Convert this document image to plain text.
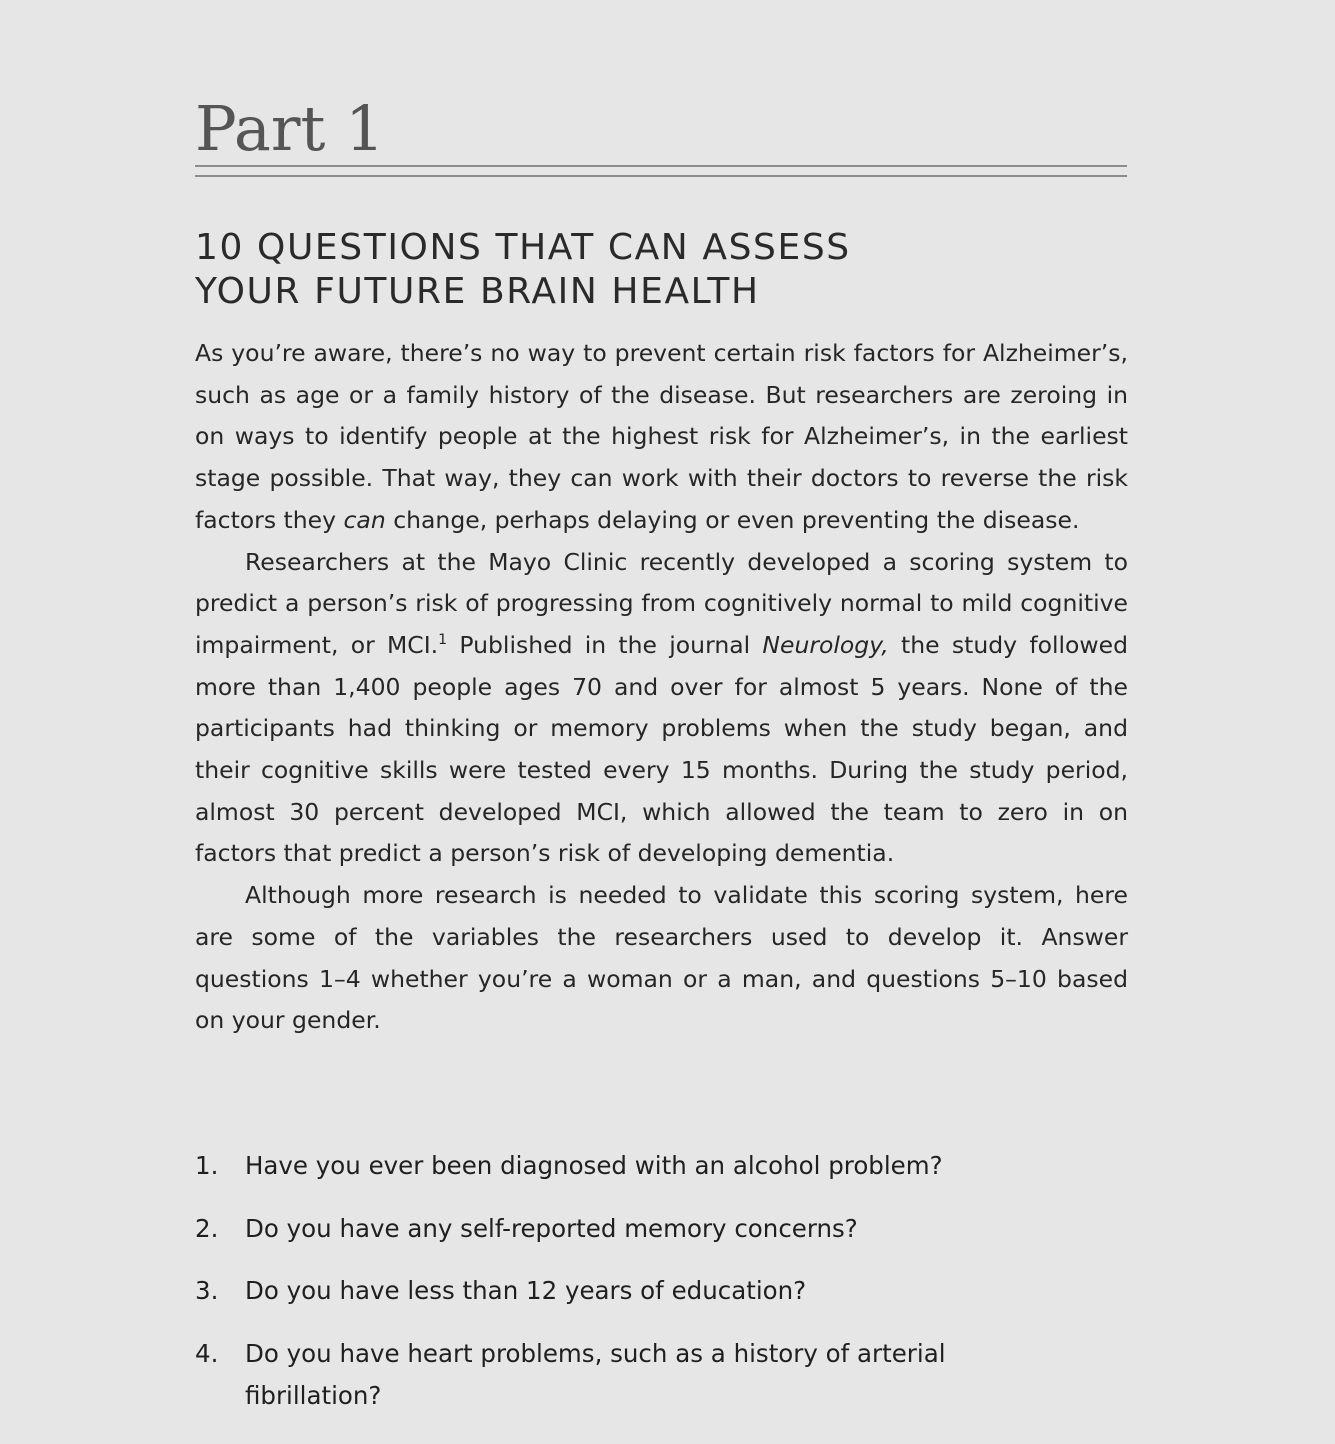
Part 1
10 QUESTIONS THAT CAN ASSESS
YOUR FUTURE BRAIN HEALTH

As you’re aware, there’s no way to prevent certain risk factors for Alzheimer’s, such as age or a family history of the disease. But researchers are zeroing in on ways to identify people at the highest risk for Alzheimer’s, in the earliest stage possible. That way, they can work with their doctors to reverse the risk factors they can change, perhaps delaying or even preventing the disease.

Researchers at the Mayo Clinic recently developed a scoring system to predict a person’s risk of progressing from cognitively normal to mild cognitive impairment, or MCI.$^1$ Published in the journal Neurology, the study followed more than 1,400 people ages 70 and over for almost 5 years. None of the participants had thinking or memory problems when the study began, and their cognitive skills were tested every 15 months. During the study period, almost 30 percent developed MCI, which allowed the team to zero in on factors that predict a person’s risk of developing dementia.

Although more research is needed to validate this scoring system, here are some of the variables the researchers used to develop it. Answer questions 1–4 whether you’re a woman or a man, and questions 5–10 based on your gender.

1. Have you ever been diagnosed with an alcohol problem?
2. Do you have any self-reported memory concerns?
3. Do you have less than 12 years of education?
4. Do you have heart problems, such as a history of arterial fibrillation?
